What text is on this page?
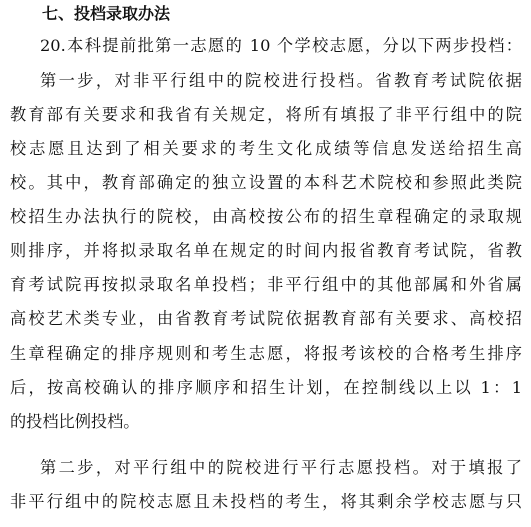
七、投档录取办法

20.本科提前批第一志愿的 10 个学校志愿，分以下两步投档：

第一步，对非平行组中的院校进行投档。省教育考试院依据

教育部有关要求和我省有关规定，将所有填报了非平行组中的院

校志愿且达到了相关要求的考生文化成绩等信息发送给招生高

校。其中，教育部确定的独立设置的本科艺术院校和参照此类院

校招生办法执行的院校，由高校按公布的招生章程确定的录取规

则排序，并将拟录取名单在规定的时间内报省教育考试院，省教

育考试院再按拟录取名单投档；非平行组中的其他部属和外省属

高校艺术类专业，由省教育考试院依据教育部有关要求、高校招

生章程确定的排序规则和考生志愿，将报考该校的合格考生排序

后，按高校确认的排序顺序和招生计划，在控制线以上以 1：1

的投档比例投档。

第二步，对平行组中的院校进行平行志愿投档。对于填报了

非平行组中的院校志愿且未投档的考生，将其剩余学校志愿与只
